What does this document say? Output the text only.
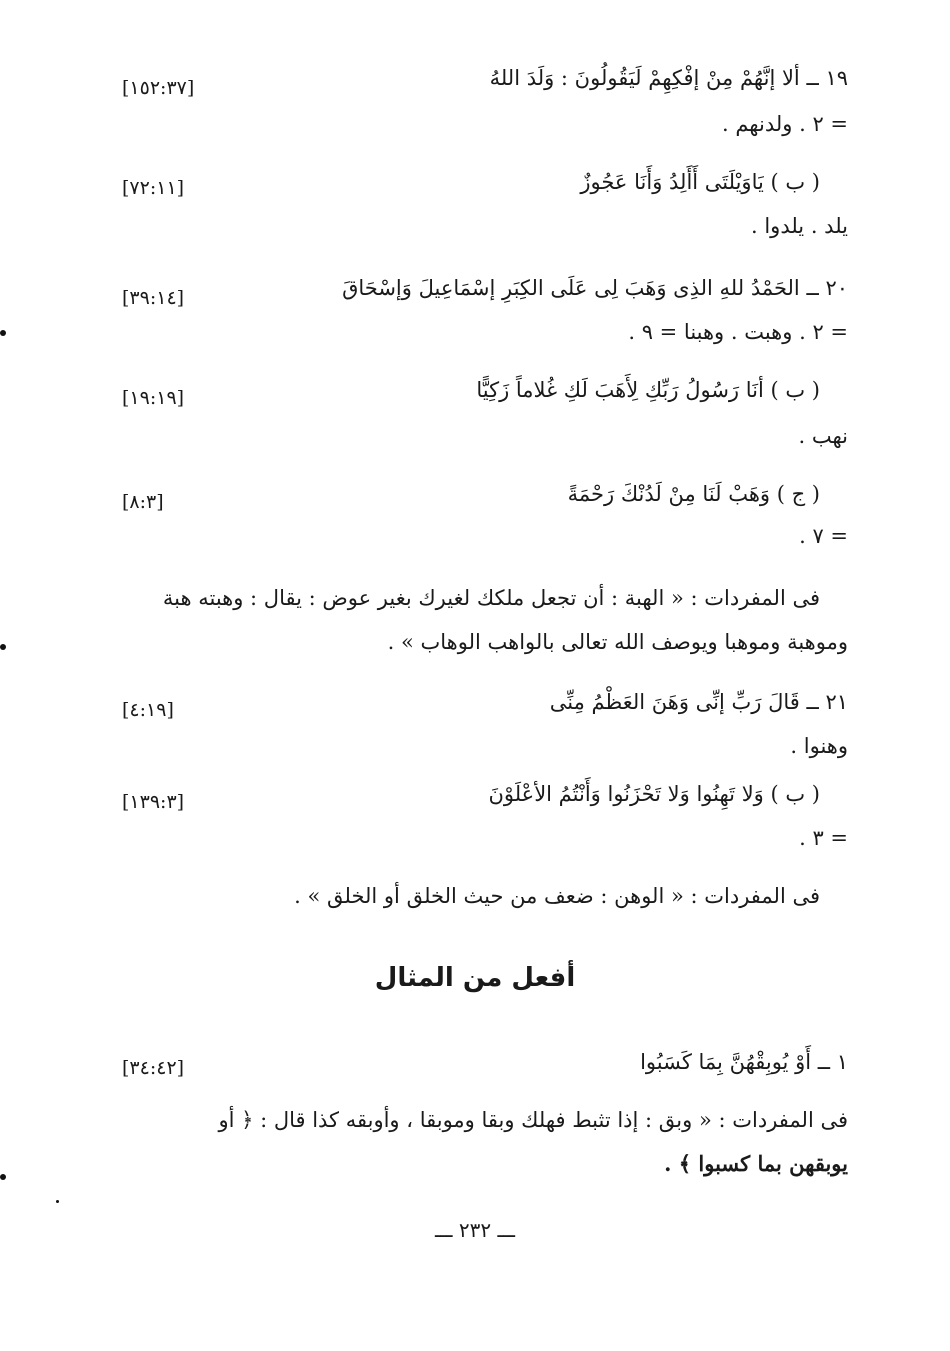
١٩ ــ ألا إنَّهُمْ مِنْ إفْكِهِمْ لَيَقُولُونَ : وَلَدَ اللهُ
[١٥٢:٣٧]
= ٢ . ولدنهم .
( ب ) يَاوَيْلَتَى أَأَلِدُ وَأَنَا عَجُوزٌ
[٧٢:١١]
يلد . يلدوا .
٢٠ ــ الحَمْدُ للهِ الذِى وَهَبَ لِى عَلَى الكِبَرِ إسْمَاعِيلَ وَإسْحَاقَ
[٣٩:١٤]
= ٢ . وهبت . وهبنا = ٩ .
( ب ) أنَا رَسُولُ رَبِّكِ لِأَهَبَ لَكِ غُلاماً زَكِيًّا
[١٩:١٩]
نهب .
( ج ) وَهَبْ لَنَا مِنْ لَدُنْكَ رَحْمَةً
[٨:٣]
= ٧ .
فى المفردات : « الهبة : أن تجعل ملكك لغيرك بغير عوض : يقال : وهبته هبة
وموهبة وموهبا ويوصف الله تعالى بالواهب الوهاب » .
٢١ ــ قَالَ رَبِّ إنِّى وَهَنَ العَظْمُ مِنِّى
[٤:١٩]
وهنوا .
( ب ) وَلا تَهِنُوا وَلا تَحْزَنُوا وَأَنْتُمُ الأعْلَوْنَ
[١٣٩:٣]
= ٣ .
فى المفردات : « الوهن : ضعف من حيث الخلق أو الخلق » .
أفعل من المثال
١ ــ أَوْ يُوبِقْهُنَّ بِمَا كَسَبُوا
[٣٤:٤٢]
فى المفردات : « وبق : إذا تثبط فهلك وبقا وموبقا ، وأوبقه كذا قال : ﴿ أو
يوبقهن بما كسبوا ﴾ .
ـــ ٢٣٢ ـــ
